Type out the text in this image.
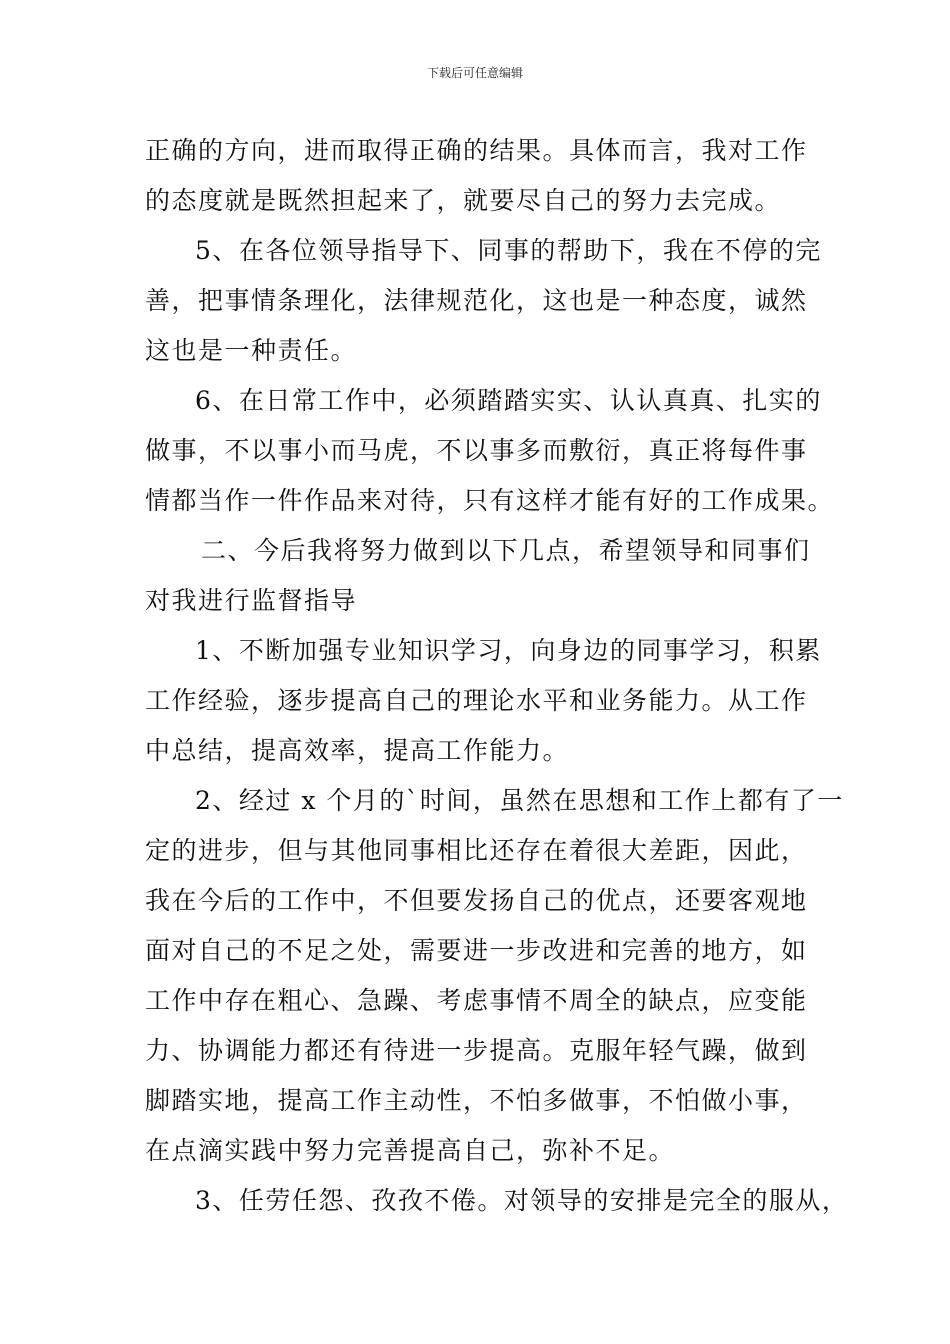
下载后可任意编辑
正确的方向，进而取得正确的结果。具体而言，我对工作
的态度就是既然担起来了，就要尽自己的努力去完成。
5、在各位领导指导下、同事的帮助下，我在不停的完
善，把事情条理化，法律规范化，这也是一种态度，诚然
这也是一种责任。
6、在日常工作中，必须踏踏实实、认认真真、扎实的
做事，不以事小而马虎，不以事多而敷衍，真正将每件事
情都当作一件作品来对待，只有这样才能有好的工作成果。
二、今后我将努力做到以下几点，希望领导和同事们
对我进行监督指导
1、不断加强专业知识学习，向身边的同事学习，积累
工作经验，逐步提高自己的理论水平和业务能力。从工作
中总结，提高效率，提高工作能力。
2、经过 x 个月的`时间，虽然在思想和工作上都有了一
定的进步，但与其他同事相比还存在着很大差距，因此，
我在今后的工作中，不但要发扬自己的优点，还要客观地
面对自己的不足之处，需要进一步改进和完善的地方，如
工作中存在粗心、急躁、考虑事情不周全的缺点，应变能
力、协调能力都还有待进一步提高。克服年轻气躁，做到
脚踏实地，提高工作主动性，不怕多做事，不怕做小事，
在点滴实践中努力完善提高自己，弥补不足。
3、任劳任怨、孜孜不倦。对领导的安排是完全的服从，
